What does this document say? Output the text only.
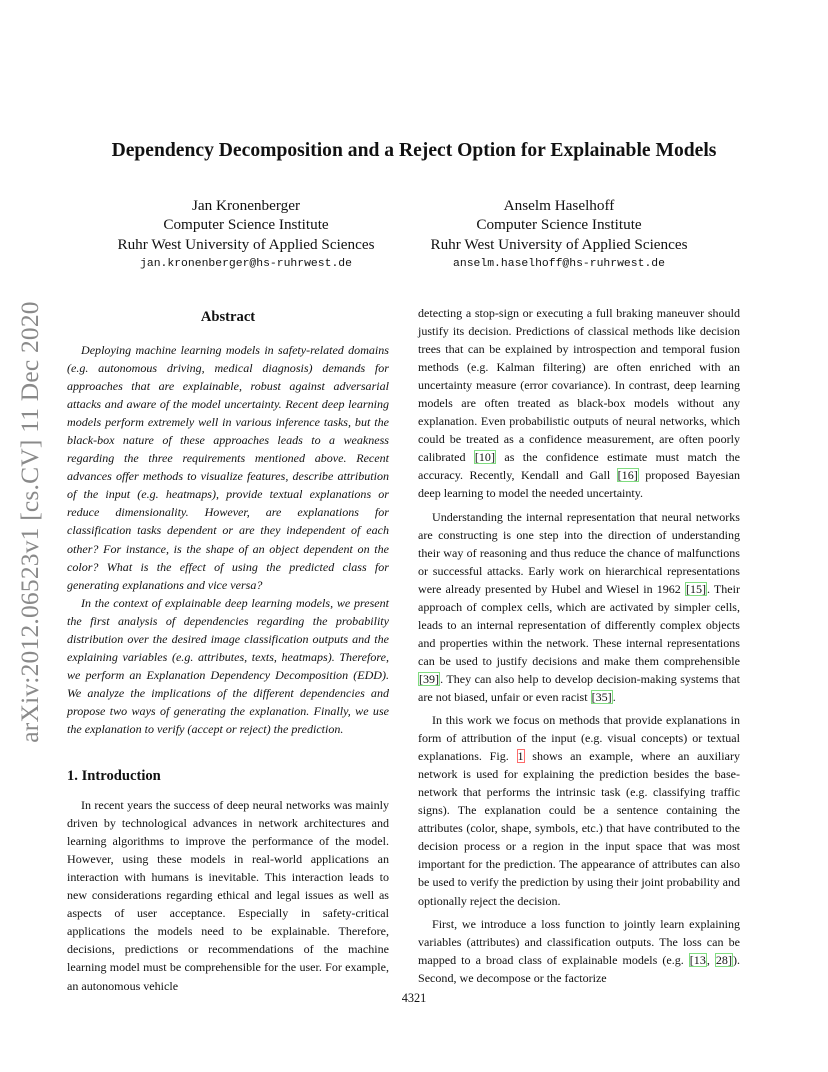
arXiv:2012.06523v1 [cs.CV] 11 Dec 2020
Dependency Decomposition and a Reject Option for Explainable Models
Jan Kronenberger
Computer Science Institute
Ruhr West University of Applied Sciences
jan.kronenberger@hs-ruhrwest.de
Anselm Haselhoff
Computer Science Institute
Ruhr West University of Applied Sciences
anselm.haselhoff@hs-ruhrwest.de
Abstract

Deploying machine learning models in safety-related domains (e.g. autonomous driving, medical diagnosis) demands for approaches that are explainable, robust against adversarial attacks and aware of the model uncertainty. Recent deep learning models perform extremely well in various inference tasks, but the black-box nature of these approaches leads to a weakness regarding the three requirements mentioned above. Recent advances offer methods to visualize features, describe attribution of the input (e.g. heatmaps), provide textual explanations or reduce dimensionality. However, are explanations for classification tasks dependent or are they independent of each other? For instance, is the shape of an object dependent on the color? What is the effect of using the predicted class for generating explanations and vice versa?

In the context of explainable deep learning models, we present the first analysis of dependencies regarding the probability distribution over the desired image classification outputs and the explaining variables (e.g. attributes, texts, heatmaps). Therefore, we perform an Explanation Dependency Decomposition (EDD). We analyze the implications of the different dependencies and propose two ways of generating the explanation. Finally, we use the explanation to verify (accept or reject) the prediction.

1. Introduction

In recent years the success of deep neural networks was mainly driven by technological advances in network architectures and learning algorithms to improve the performance of the model. However, using these models in real-world applications an interaction with humans is inevitable. This interaction leads to new considerations regarding ethical and legal issues as well as aspects of user acceptance. Especially in safety-critical applications the models need to be explainable. Therefore, decisions, predictions or recommendations of the machine learning model must be comprehensible for the user. For example, an autonomous vehicle

detecting a stop-sign or executing a full braking maneuver should justify its decision. Predictions of classical methods like decision trees that can be explained by introspection and temporal fusion methods (e.g. Kalman filtering) are often enriched with an uncertainty measure (error covariance). In contrast, deep learning models are often treated as black-box models without any explanation. Even probabilistic outputs of neural networks, which could be treated as a confidence measurement, are often poorly calibrated [10] as the confidence estimate must match the accuracy. Recently, Kendall and Gall [16] proposed Bayesian deep learning to model the needed uncertainty.

Understanding the internal representation that neural networks are constructing is one step into the direction of understanding their way of reasoning and thus reduce the chance of malfunctions or successful attacks. Early work on hierarchical representations were already presented by Hubel and Wiesel in 1962 [15]. Their approach of complex cells, which are activated by simpler cells, leads to an internal representation of differently complex objects and properties within the network. These internal representations can be used to justify decisions and make them comprehensible [39]. They can also help to develop decision-making systems that are not biased, unfair or even racist [35].

In this work we focus on methods that provide explanations in form of attribution of the input (e.g. visual concepts) or textual explanations. Fig. 1 shows an example, where an auxiliary network is used for explaining the prediction besides the base-network that performs the intrinsic task (e.g. classifying traffic signs). The explanation could be a sentence containing the attributes (color, shape, symbols, etc.) that have contributed to the decision process or a region in the input space that was most important for the prediction. The appearance of attributes can also be used to verify the prediction by using their joint probability and optionally reject the decision.

First, we introduce a loss function to jointly learn explaining variables (attributes) and classification outputs. The loss can be mapped to a broad class of explainable models (e.g. [13, 28]). Second, we decompose or the factorize

4321
